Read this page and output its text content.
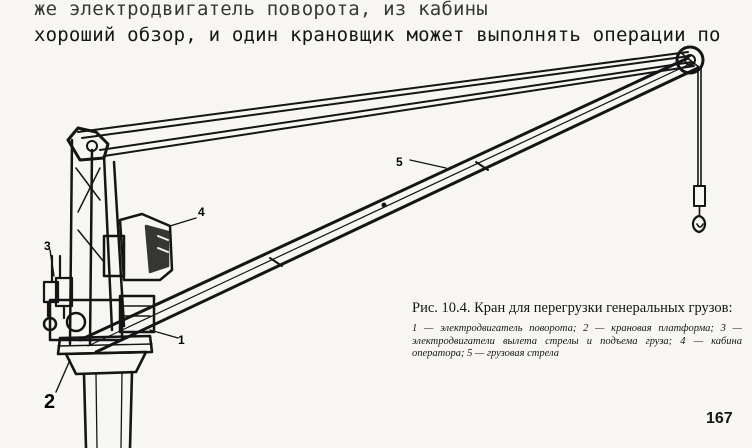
же электродвигатель поворота, из кабины
хороший обзор, и один крановщик может выполнять операции по
5
4
3
1
2
Рис. 10.4. Кран для перегрузки генеральных грузов:
1 — электродвигатель поворота; 2 — крановая платформа; 3 — электродвигатели вылета стрелы и подъема груза; 4 — кабина оператора; 5 — грузовая стрела
167
